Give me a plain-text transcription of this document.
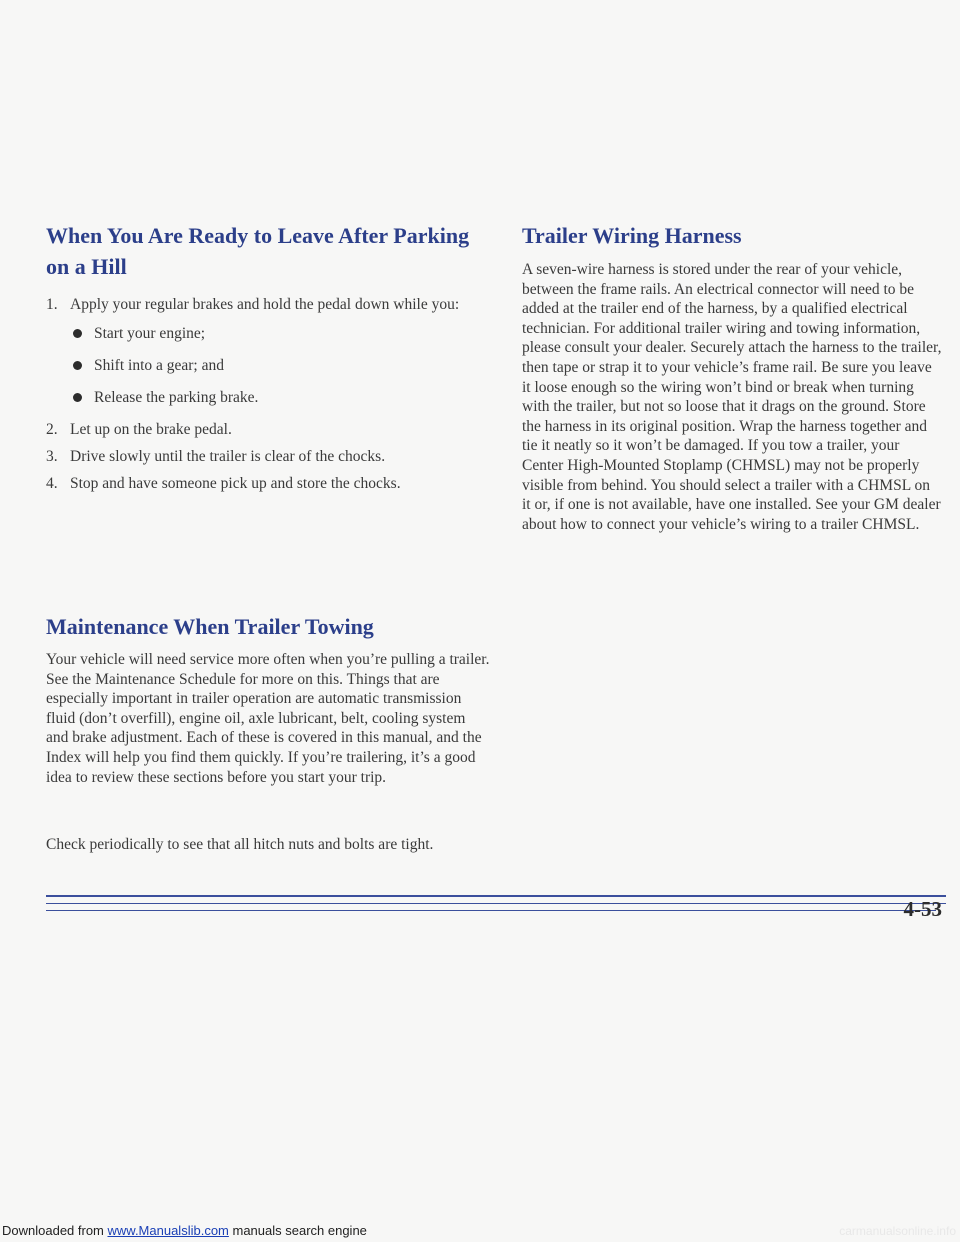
When You Are Ready to Leave After Parking on a Hill
1. Apply your regular brakes and hold the pedal down while you:
Start your engine;
Shift into a gear; and
Release the parking brake.
2. Let up on the brake pedal.
3. Drive slowly until the trailer is clear of the chocks.
4. Stop and have someone pick up and store the chocks.
Maintenance When Trailer Towing

Your vehicle will need service more often when you’re pulling a trailer. See the Maintenance Schedule for more on this. Things that are especially important in trailer operation are automatic transmission fluid (don’t overfill), engine oil, axle lubricant, belt, cooling system and brake adjustment. Each of these is covered in this manual, and the Index will help you find them quickly. If you’re trailering, it’s a good idea to review these sections before you start your trip.

Check periodically to see that all hitch nuts and bolts are tight.

Trailer Wiring Harness

A seven-wire harness is stored under the rear of your vehicle, between the frame rails. An electrical connector will need to be added at the trailer end of the harness, by a qualified electrical technician. For additional trailer wiring and towing information, please consult your dealer. Securely attach the harness to the trailer, then tape or strap it to your vehicle’s frame rail. Be sure you leave it loose enough so the wiring won’t bind or break when turning with the trailer, but not so loose that it drags on the ground. Store the harness in its original position. Wrap the harness together and tie it neatly so it won’t be damaged. If you tow a trailer, your Center High-Mounted Stoplamp (CHMSL) may not be properly visible from behind. You should select a trailer with a CHMSL on it or, if one is not available, have one installed. See your GM dealer about how to connect your vehicle’s wiring to a trailer CHMSL.

4-53
Downloaded from www.Manualslib.com manuals search engine	carmanualsonline.info
